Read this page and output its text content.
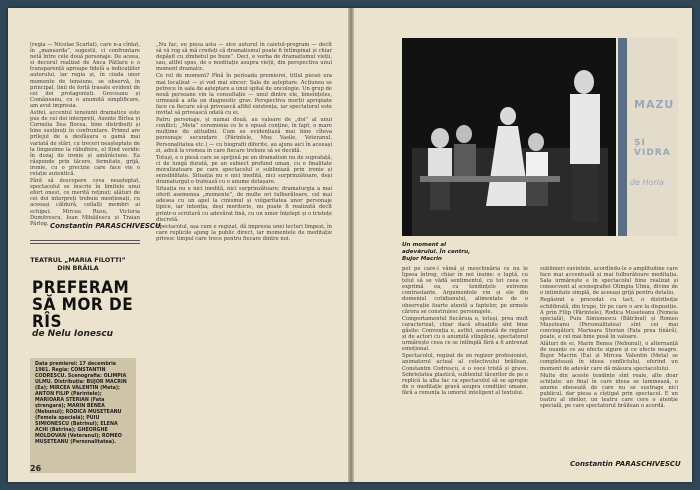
(regia — Nicolae Scarlat), care n-a cîntat, în „mansarda”, sugestii, ci confruntare netă între cele două personaje. De aceea, si decorul realizat de Anca Pătlaru e o transparență aproape fidelă a indicațiilor autorului, iar regia și, în ciuda unor momente de tensiune, se observă, în principal, linii de forță trasate evident de cei doi protagoniști. Greceanu și Comăneanu, cu o anumită simplificare, am avut impresia.

Astfel, accentul tensiunii dramatice este pus de cei doi interpreți, Axente Bîrlea și Cornelia Ilea Bocea, bine distribuiți și bine susținuți în confruntare. Primul are prilejul de a desfășura o gamă mai variată de stări, cu treceri neașteptate de la limpezime la răbufnire, el fiind veridic în dozaj de ironie și amărăciune. Ea răspunde prin tăcere, fermitate, grijă, ironie, cu o precizie care face vie o relație autentică.

Fără să descopere ceva neașteptat, spectacolul se înscrie în limitele unui efort onest, ce merită reținut; alături de cei doi interpreți trebuie menționați, cu aceeași căldură, ceilalți membri ai echipei: Mircea Rusu, Victoria Dumitrescu, Ioan Mihăilescu și Traian Pârlog. Constantin PARASCHIVESCU
TEATRUL „MARIA FILOTTI” DIN BRĂILA
PREFERAM SĂ MOR DE RÎS
de Nelu Ionescu
Data premierei: 17 decembrie 1981. Regia: CONSTANTIN CODRESCU. Scenografia: OLIMPIA ULMU. Distribuția: BUJOR MACRIN (Ea); MIRCEA VALENTIN (Meta); ANTON FILIP (Părintele); MARIOARA STERIAN (Fata ștrengară); MARIN BENEA (Nebunul); RODICA MUSETEANU (Femeia specială); PUIU SIMIONESCU (Bătrînul); ELENA ACHI (Bătrîna); GHEORGHE MOLDOVAN (Veteranul); ROMEO MUȘETEANU (Personalitatea).

„Nu fac, eu piesa asta — zice autorul în caietul-program — decît să vă rog să mă credeți că dramatismul poate fi întîmpinat și chiar depășit cu zîmbetul pe buze”. Deci, e vorba de dramatismul vieții, sau, altfel spus, de o meditație asupra vieții, din perspectiva unui moment dramatic.

Ce rol de moment? Pînă în perioada premierei, titlul piesei era mai localizat — și vod mai sincer: Sala de așteptare. Acțiunea se petrece în sala de așteptare a unui spital de oncologie. Un grup de nouă persoane vin la consultație — unul dintre ele, bineînțeles, urmează a afla un diagnostic grav. Perspectiva morții apropiate face ca fiecare să-și privească altfel existența, iar spectatorul este invitat să privească odată cu ei.

Patru personaje, și numai două, au valoare de „doi” al unui conflict; „Meta” ceremonia ce le e opusă conține, în fapt, o mare mulțime de atitudini. Cum se evidențiază mai bine cîteva personaje secundare (Părintele, Moș Vasile, Veteranul, Personalitatea etc.) — cu biografii diferite, au ajuns aici în aceeași zi, adică la vremea în care fiecare trebuie să se decidă.

Totuși, e o piesă care se sprijină pe un dramatism nu de suprafață, ci de lungă durată, pe un subiect profund uman, cu o finalitate moralizatoare pe care spectacolul o subliniază prin ironie și sensibilitate. Situația nu e nici inedită, nici surprinzătoare, deși dramaturgul o tratează cu o anume detașare.

Situația nu e nici inedită, nici surprinzătoare; dramaturgia a mai oferit asemenea „momente”, de multe ori tulburătoare, cel mai adesea cu un apel la cinismul și vulgaritatea unor personaje tipice, iar intenția, deși meritorie, nu poate fi realizată decît printr-o scriitură cu adevărat fină, cu un umor înțelept și o tristețe discretă.

Spectacolul, așa cum e regizat, dă impresia unei lecturi limpezi, în care replicile ajung la public direct, iar momentele de meditație privesc timpul care trece pentru fiecare dintre noi.

26
MAZU
ȘI VIDRA
de Horia
Un moment al adevărului. În centru, Bujor Macrin

pot pe care-l vămă și meschinăria ce nu le lipsea întreg, chiar în noi înșine: o luptă, cu țelul să se vădă sentimentul, cu tot ceea ce exprimă ea, cu tendințele extreme contrastante. Argumentele vin și ele din domeniul cotidianului, alimentate de o observație foarte atentă a faptelor, pe urmele cărora se construiesc personajele.

Comportamentul fiecăruia e, totuși, prea mult caracterizat, chiar dacă situațiile sînt bine găsite: Convenția e, astfel, asumată de regizor și de actori cu o anumită stîngăcie, spectatorul urmărește ceea ce se întîmplă fără a fi antrenat emoțional.

Spectacolul, regizat de un regizor profesionist, animatorul actual al colectivului brăilean, Constantin Codrescu, e o voce tristă și grave. Sobrietatea plastică, subtextul tăcerilor de pe o replică la alta fac ca spectacolul să se apropie de o meditație gravă asupra condiției umane, fără a renunța la umorul inteligent al textului.

sublinieri suvintele, acordîndu-le o amplitudine care face mai accentuată și mai tulburătoare meditația. Sala urmărește e în spectacolul bine realizat și consecvent al scenografiei Olimpia Ulmu, divine de o intimitate simplă, de aceeași grijă pentru detaliu.

Regăsind a procedat cu tact, o distribuție echilibrată, din trupe, tîr pe care o are la dispoziție. A prin Filip (Părintele), Rodica Museteanu (Femeia specială), Puiu Simionescu (Bătrînul) și Romeo Mușeteanu (Personalitatea) sînt cei mai convingători; Marioara Sterian (Fata prea tînără), poate, e cel mai bine pusă în valoare.

Alături de ei, Marin Benea (Nebunul), o alternanță de nuanțe ce au efecte sigure și ce efecte neagre. Bujor Macrin (Ea) și Mircea Valentin (Meta) se completează în ideea conflictului, oferind un moment de adevăr care dă măsura spectacolului.

Multe din aceste tendințe sînt reale, alte doar schițate: un final în care ideea se luminează, o anume oboseală de care nu se sustrage nici publicul, dar piesa a cîștigat prin spectacol. E un teatru al ideilor, un teatru care cere o atenție specială, pe care spectatorul brăilean o acordă.

Constantin PARASCHIVESCU
